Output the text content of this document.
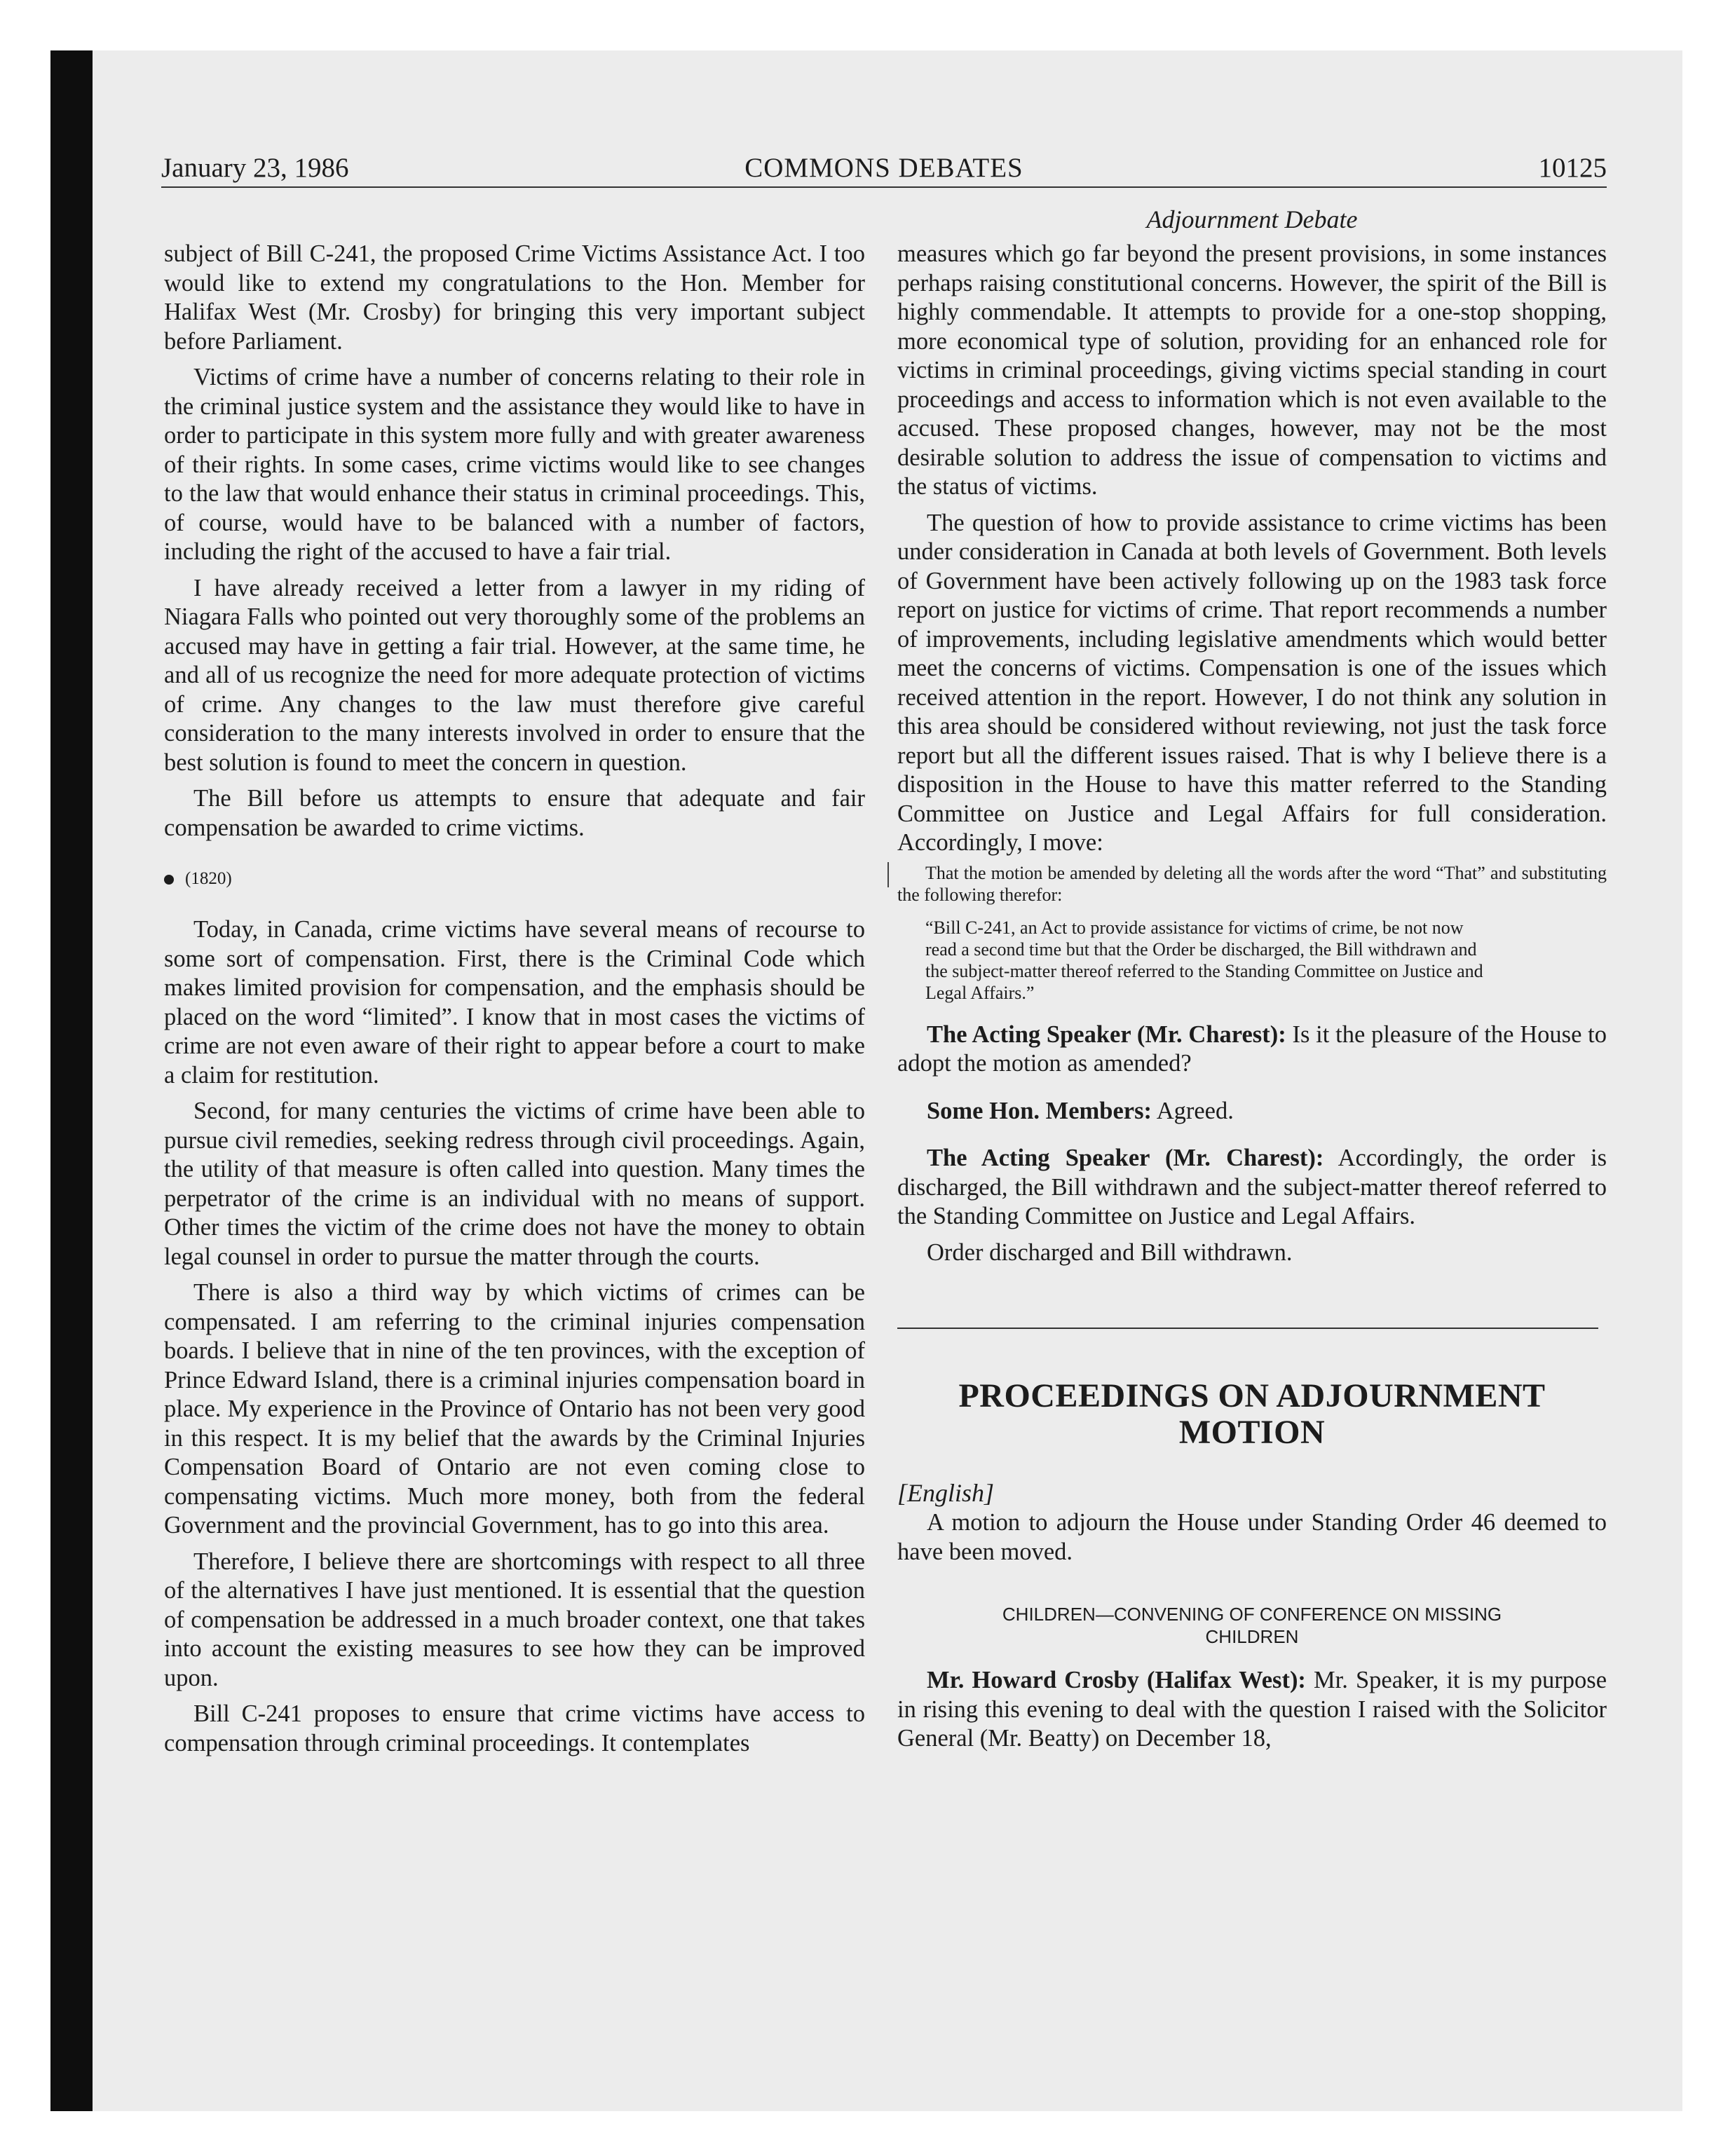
January 23, 1986	COMMONS DEBATES	10125
Adjournment Debate

subject of Bill C-241, the proposed Crime Victims Assistance Act. I too would like to extend my congratulations to the Hon. Member for Halifax West (Mr. Crosby) for bringing this very important subject before Parliament.

Victims of crime have a number of concerns relating to their role in the criminal justice system and the assistance they would like to have in order to participate in this system more fully and with greater awareness of their rights. In some cases, crime victims would like to see changes to the law that would enhance their status in criminal proceedings. This, of course, would have to be balanced with a number of factors, including the right of the accused to have a fair trial.

I have already received a letter from a lawyer in my riding of Niagara Falls who pointed out very thoroughly some of the problems an accused may have in getting a fair trial. However, at the same time, he and all of us recognize the need for more adequate protection of victims of crime. Any changes to the law must therefore give careful consideration to the many interests involved in order to ensure that the best solution is found to meet the concern in question.

The Bill before us attempts to ensure that adequate and fair compensation be awarded to crime victims.

(1820)

Today, in Canada, crime victims have several means of recourse to some sort of compensation. First, there is the Criminal Code which makes limited provision for compensation, and the emphasis should be placed on the word “limited”. I know that in most cases the victims of crime are not even aware of their right to appear before a court to make a claim for restitution.

Second, for many centuries the victims of crime have been able to pursue civil remedies, seeking redress through civil proceedings. Again, the utility of that measure is often called into question. Many times the perpetrator of the crime is an individual with no means of support. Other times the victim of the crime does not have the money to obtain legal counsel in order to pursue the matter through the courts.

There is also a third way by which victims of crimes can be compensated. I am referring to the criminal injuries compensation boards. I believe that in nine of the ten provinces, with the exception of Prince Edward Island, there is a criminal injuries compensation board in place. My experience in the Province of Ontario has not been very good in this respect. It is my belief that the awards by the Criminal Injuries Compensation Board of Ontario are not even coming close to compensating victims. Much more money, both from the federal Government and the provincial Government, has to go into this area.

Therefore, I believe there are shortcomings with respect to all three of the alternatives I have just mentioned. It is essential that the question of compensation be addressed in a much broader context, one that takes into account the existing measures to see how they can be improved upon.

Bill C-241 proposes to ensure that crime victims have access to compensation through criminal proceedings. It contemplates

measures which go far beyond the present provisions, in some instances perhaps raising constitutional concerns. However, the spirit of the Bill is highly commendable. It attempts to provide for a one-stop shopping, more economical type of solution, providing for an enhanced role for victims in criminal proceedings, giving victims special standing in court proceedings and access to information which is not even available to the accused. These proposed changes, however, may not be the most desirable solution to address the issue of compensation to victims and the status of victims.

The question of how to provide assistance to crime victims has been under consideration in Canada at both levels of Government. Both levels of Government have been actively following up on the 1983 task force report on justice for victims of crime. That report recommends a number of improvements, including legislative amendments which would better meet the concerns of victims. Compensation is one of the issues which received attention in the report. However, I do not think any solution in this area should be considered without reviewing, not just the task force report but all the different issues raised. That is why I believe there is a disposition in the House to have this matter referred to the Standing Committee on Justice and Legal Affairs for full consideration. Accordingly, I move:

That the motion be amended by deleting all the words after the word “That” and substituting the following therefor:
“Bill C-241, an Act to provide assistance for victims of crime, be not now
read a second time but that the Order be discharged, the Bill withdrawn and
the subject-matter thereof referred to the Standing Committee on Justice and
Legal Affairs.”

The Acting Speaker (Mr. Charest): Is it the pleasure of the House to adopt the motion as amended?

Some Hon. Members: Agreed.

The Acting Speaker (Mr. Charest): Accordingly, the order is discharged, the Bill withdrawn and the subject-matter thereof referred to the Standing Committee on Justice and Legal Affairs.

Order discharged and Bill withdrawn.

PROCEEDINGS ON ADJOURNMENT
MOTION
[English]

A motion to adjourn the House under Standing Order 46 deemed to have been moved.

CHILDREN—CONVENING OF CONFERENCE ON MISSING
CHILDREN

Mr. Howard Crosby (Halifax West): Mr. Speaker, it is my purpose in rising this evening to deal with the question I raised with the Solicitor General (Mr. Beatty) on December 18,
